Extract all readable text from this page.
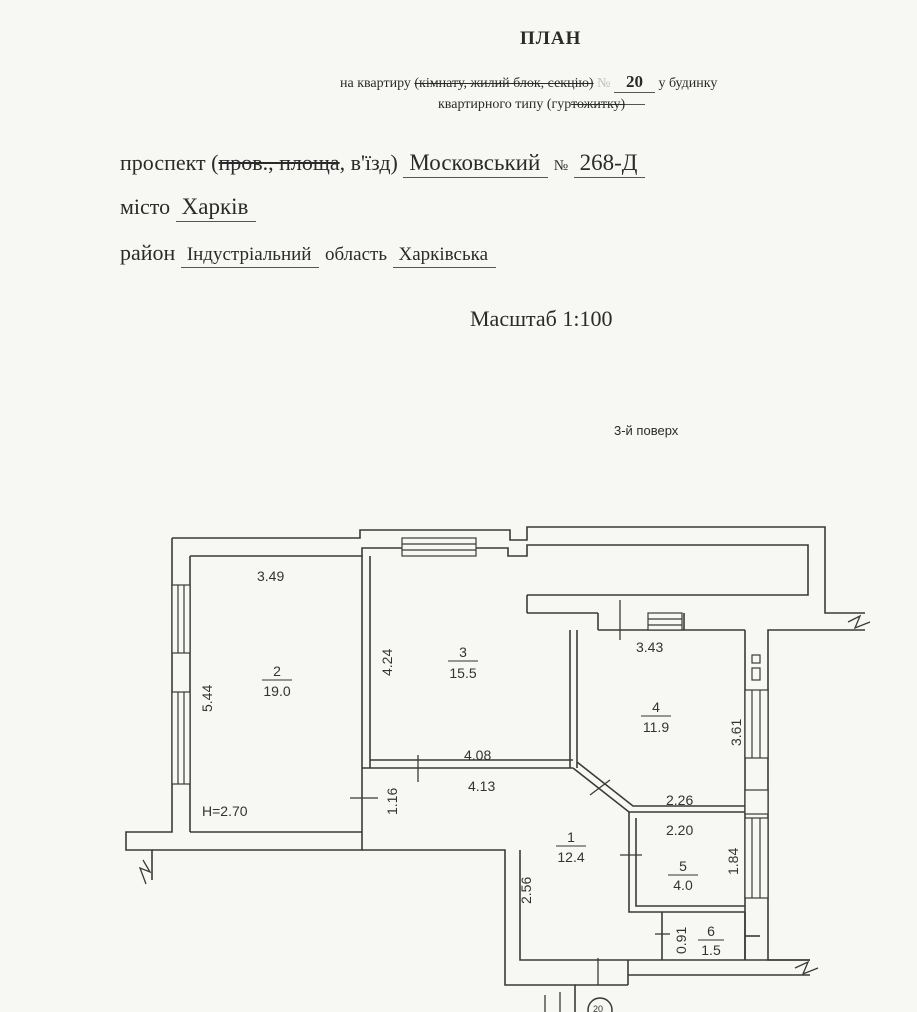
ПЛАН
на квартиру (кімнату, жилий блок, секцію) № 20 у будинку
квартирного типу (гуртожитку)
проспект (пров., площа, в'їзд) Московський № 268-Д
місто Харків
район Індустріальний область Харківська
Масштаб 1:100
3-й поверх
20
2
19.0
3
15.5
4
11.9
1
12.4
5
4.0
6
1.5
3.49
5.44
4.24
4.08
3.43
3.61
2.26
4.13
1.16
2.56
2.20
1.84
0.91
H=2.70
